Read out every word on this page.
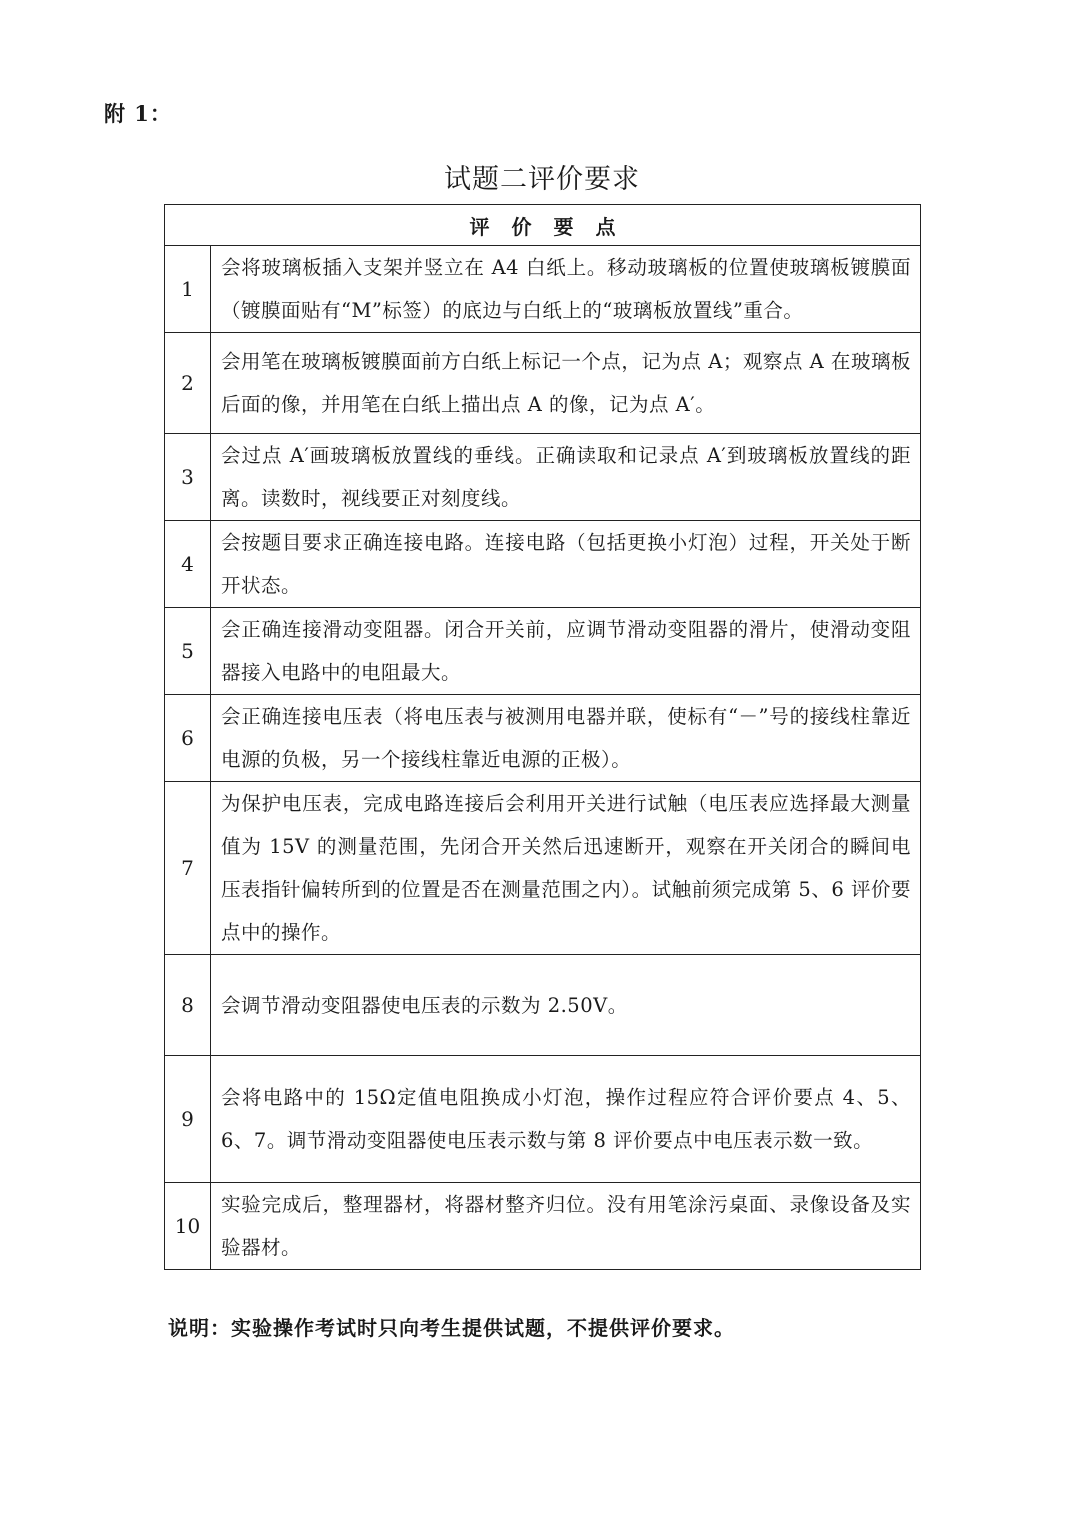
附 1：
试题二评价要求
评价要点	
1	会将玻璃板插入支架并竖立在 A4 白纸上。移动玻璃板的位置使玻璃板镀膜面（镀膜面贴有“M”标签）的底边与白纸上的“玻璃板放置线”重合。
2	会用笔在玻璃板镀膜面前方白纸上标记一个点，记为点 A；观察点 A 在玻璃板后面的像，并用笔在白纸上描出点 A 的像，记为点 A′。
3	会过点 A′画玻璃板放置线的垂线。正确读取和记录点 A′到玻璃板放置线的距离。读数时，视线要正对刻度线。
4	会按题目要求正确连接电路。连接电路（包括更换小灯泡）过程，开关处于断开状态。
5	会正确连接滑动变阻器。闭合开关前，应调节滑动变阻器的滑片，使滑动变阻器接入电路中的电阻最大。
6	会正确连接电压表（将电压表与被测用电器并联，使标有“－”号的接线柱靠近电源的负极，另一个接线柱靠近电源的正极）。
7	为保护电压表，完成电路连接后会利用开关进行试触（电压表应选择最大测量值为 15V 的测量范围，先闭合开关然后迅速断开，观察在开关闭合的瞬间电压表指针偏转所到的位置是否在测量范围之内）。试触前须完成第 5、6 评价要点中的操作。
8	会调节滑动变阻器使电压表的示数为 2.50V。
9	会将电路中的 15Ω定值电阻换成小灯泡，操作过程应符合评价要点 4、5、6、7。调节滑动变阻器使电压表示数与第 8 评价要点中电压表示数一致。
10	实验完成后，整理器材，将器材整齐归位。没有用笔涂污桌面、录像设备及实验器材。
说明：实验操作考试时只向考生提供试题，不提供评价要求。
